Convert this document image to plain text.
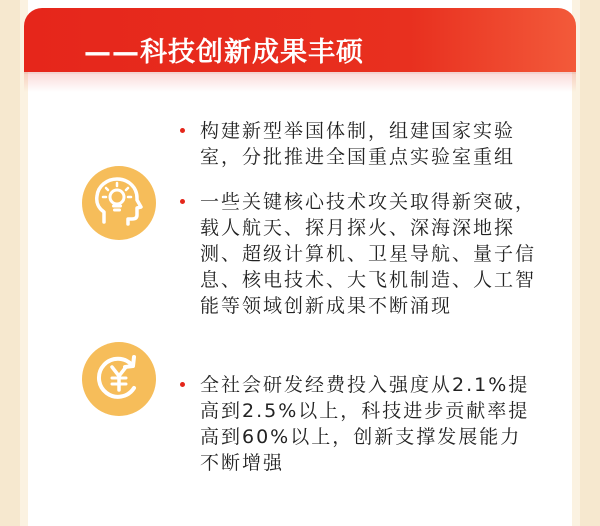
——科技创新成果丰硕
构建新型举国体制，组建国家实验室，分批推进全国重点实验室重组
一些关键核心技术攻关取得新突破，载人航天、探月探火、深海深地探测、超级计算机、卫星导航、量子信息、核电技术、大飞机制造、人工智能等领域创新成果不断涌现
全社会研发经费投入强度从2.1%提高到2.5%以上，科技进步贡献率提高到60%以上，创新支撑发展能力不断增强
